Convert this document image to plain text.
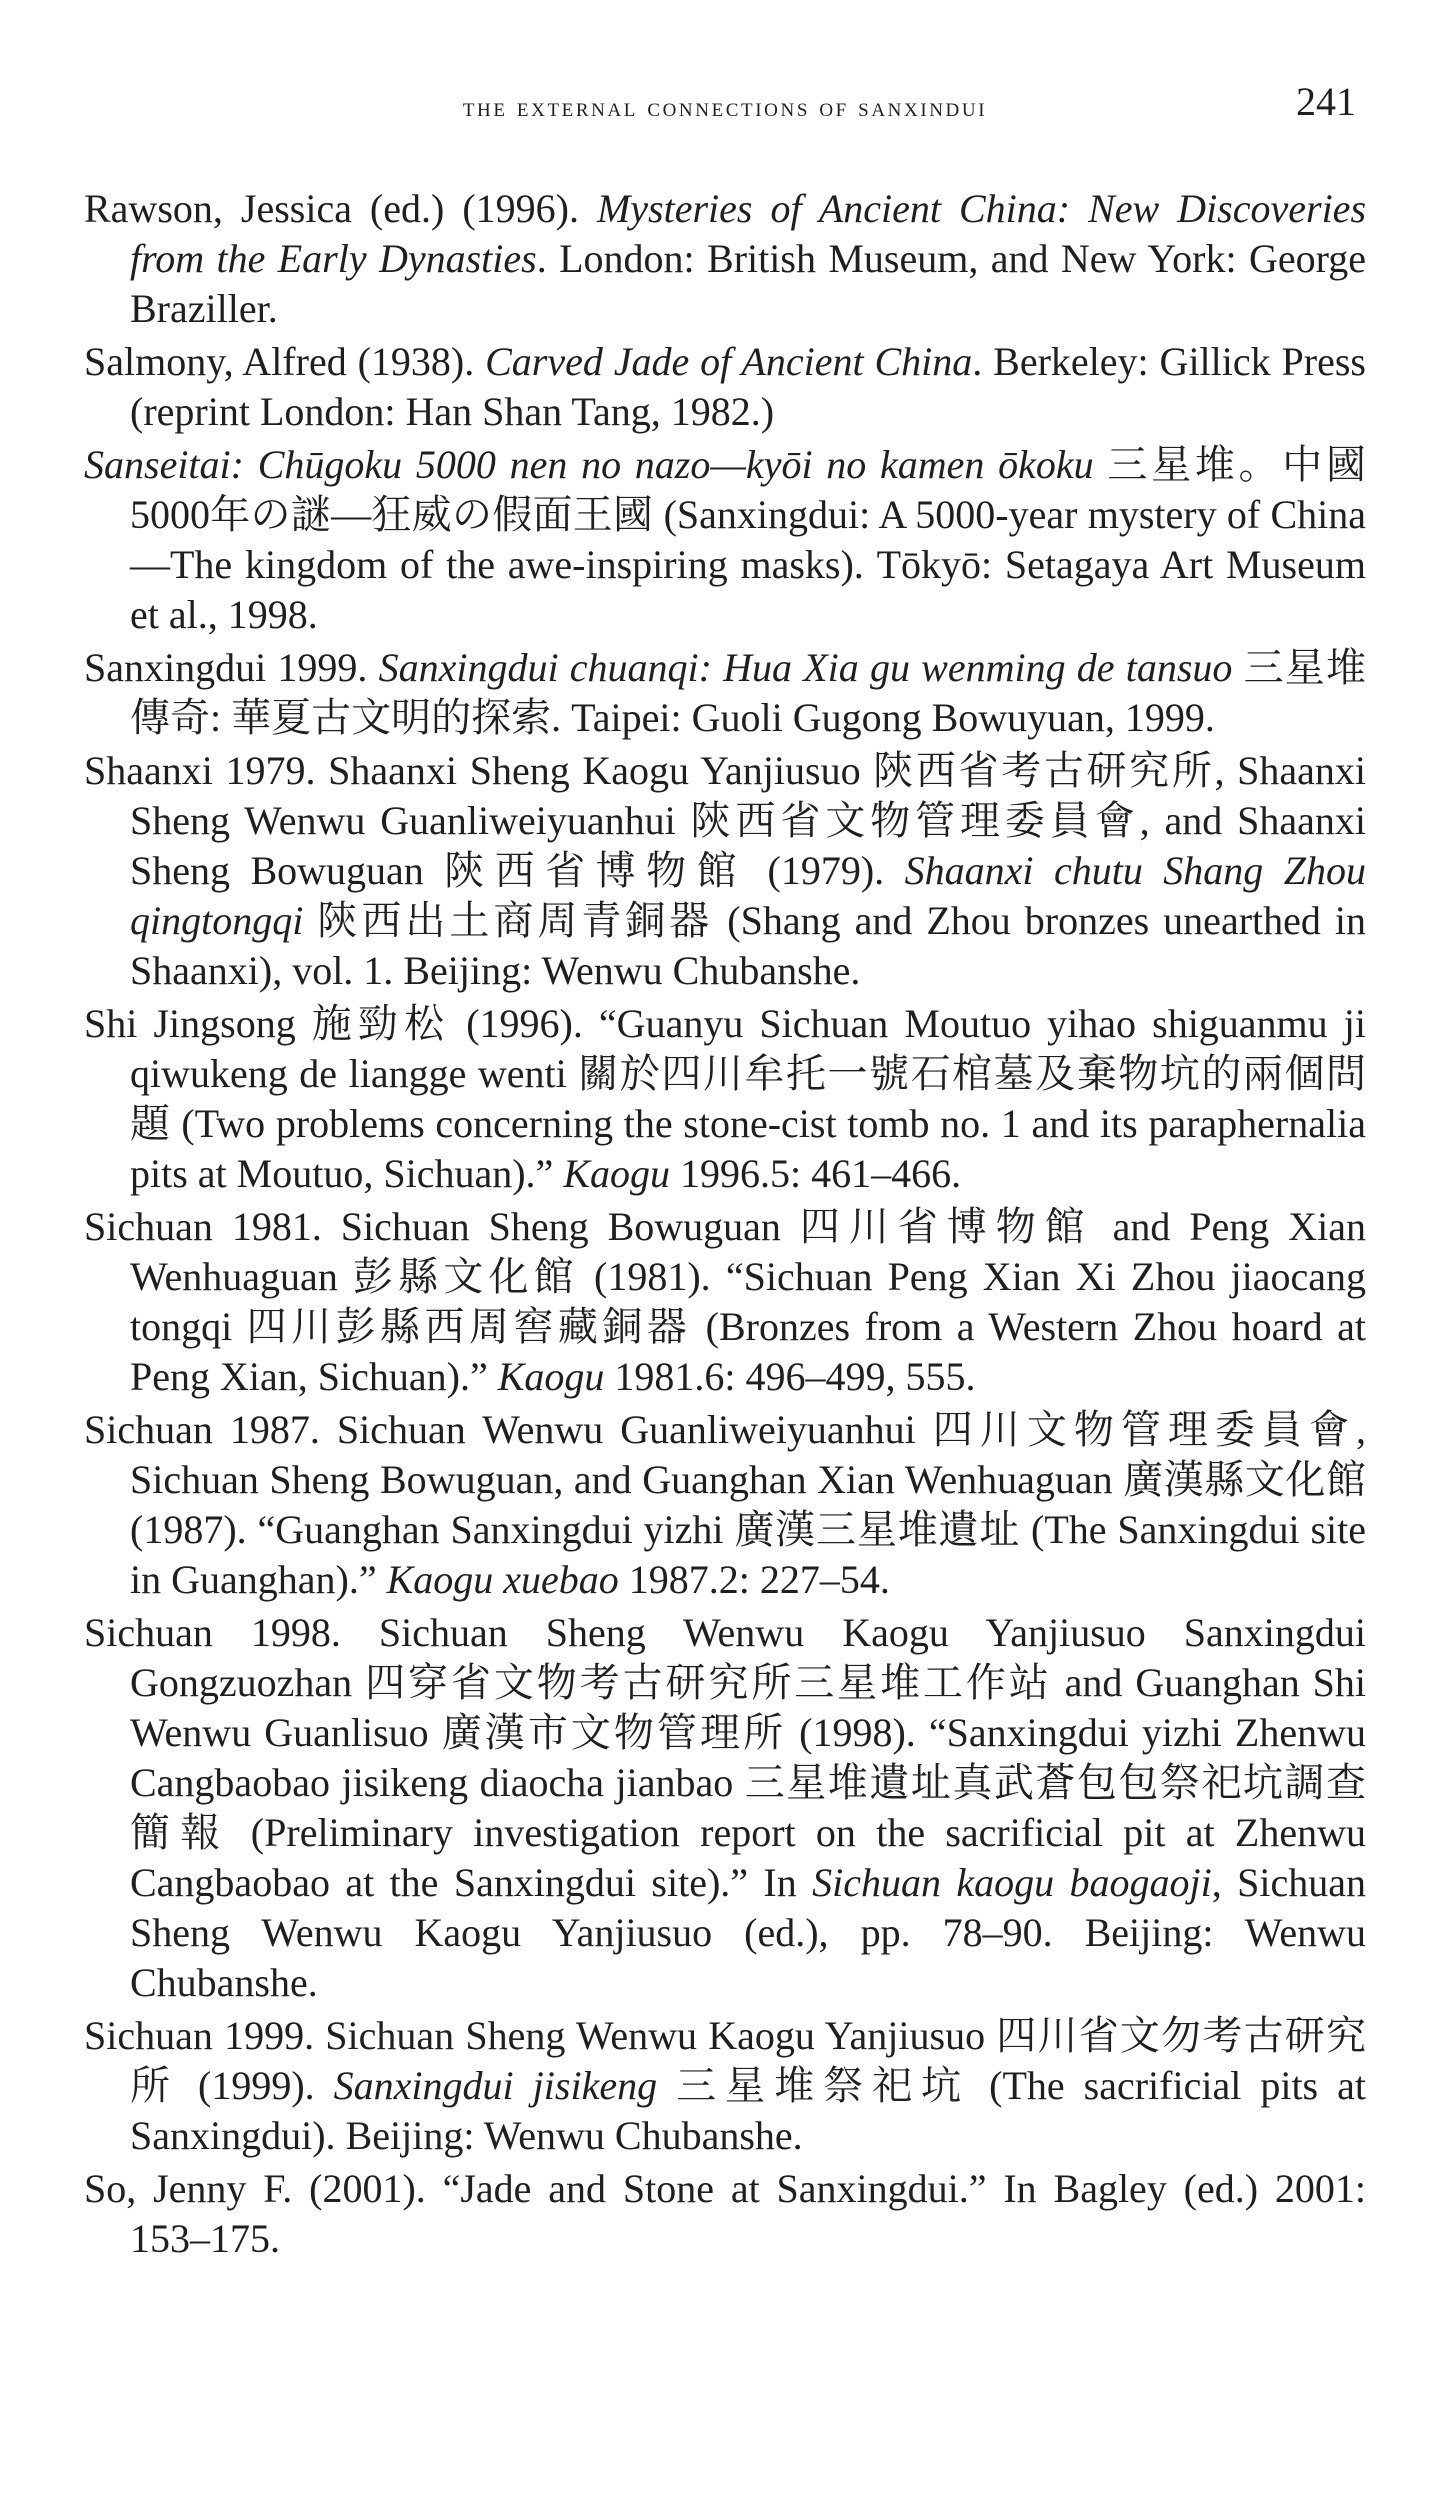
the external connections of sanxindui	241

Rawson, Jessica (ed.) (1996). Mysteries of Ancient China: New Discoveries from the Early Dynasties. London: British Museum, and New York: George Braziller.

Salmony, Alfred (1938). Carved Jade of Ancient China. Berkeley: Gillick Press (reprint London: Han Shan Tang, 1982.)

Sanseitai: Chūgoku 5000 nen no nazo—kyōi no kamen ōkoku 三星堆。中國5000年の謎—狂威の假面王國 (Sanxingdui: A 5000-year mystery of China—The kingdom of the awe-inspiring masks). Tōkyō: Setagaya Art Museum et al., 1998.

Sanxingdui 1999. Sanxingdui chuanqi: Hua Xia gu wenming de tansuo 三星堆傳奇: 華夏古文明的探索. Taipei: Guoli Gugong Bowuyuan, 1999.

Shaanxi 1979. Shaanxi Sheng Kaogu Yanjiusuo 陝西省考古研究所, Shaanxi Sheng Wenwu Guanliweiyuanhui 陝西省文物管理委員會, and Shaanxi Sheng Bowuguan 陝西省博物館 (1979). Shaanxi chutu Shang Zhou qingtongqi 陝西出土商周青銅器 (Shang and Zhou bronzes unearthed in Shaanxi), vol. 1. Beijing: Wenwu Chubanshe.

Shi Jingsong 施勁松 (1996). “Guanyu Sichuan Moutuo yihao shiguanmu ji qiwukeng de liangge wenti 關於四川牟托一號石棺墓及棄物坑的兩個問題 (Two problems concerning the stone-cist tomb no. 1 and its paraphernalia pits at Moutuo, Sichuan).” Kaogu 1996.5: 461–466.

Sichuan 1981. Sichuan Sheng Bowuguan 四川省博物館 and Peng Xian Wenhuaguan 彭縣文化館 (1981). “Sichuan Peng Xian Xi Zhou jiaocang tongqi 四川彭縣西周窖藏銅器 (Bronzes from a Western Zhou hoard at Peng Xian, Sichuan).” Kaogu 1981.6: 496–499, 555.

Sichuan 1987. Sichuan Wenwu Guanliweiyuanhui 四川文物管理委員會, Sichuan Sheng Bowuguan, and Guanghan Xian Wenhuaguan 廣漢縣文化館 (1987). “Guanghan Sanxingdui yizhi 廣漢三星堆遺址 (The Sanxingdui site in Guanghan).” Kaogu xuebao 1987.2: 227–54.

Sichuan 1998. Sichuan Sheng Wenwu Kaogu Yanjiusuo Sanxingdui Gongzuozhan 四穿省文物考古研究所三星堆工作站 and Guanghan Shi Wenwu Guanlisuo 廣漢市文物管理所 (1998). “Sanxingdui yizhi Zhenwu Cangbaobao jisikeng diaocha jianbao 三星堆遺址真武蒼包包祭祀坑調查簡報 (Preliminary investigation report on the sacrificial pit at Zhenwu Cangbaobao at the Sanxingdui site).” In Sichuan kaogu baogaoji, Sichuan Sheng Wenwu Kaogu Yanjiusuo (ed.), pp. 78–90. Beijing: Wenwu Chubanshe.

Sichuan 1999. Sichuan Sheng Wenwu Kaogu Yanjiusuo 四川省文勿考古研究所 (1999). Sanxingdui jisikeng 三星堆祭祀坑 (The sacrificial pits at Sanxingdui). Beijing: Wenwu Chubanshe.

So, Jenny F. (2001). “Jade and Stone at Sanxingdui.” In Bagley (ed.) 2001: 153–175.
